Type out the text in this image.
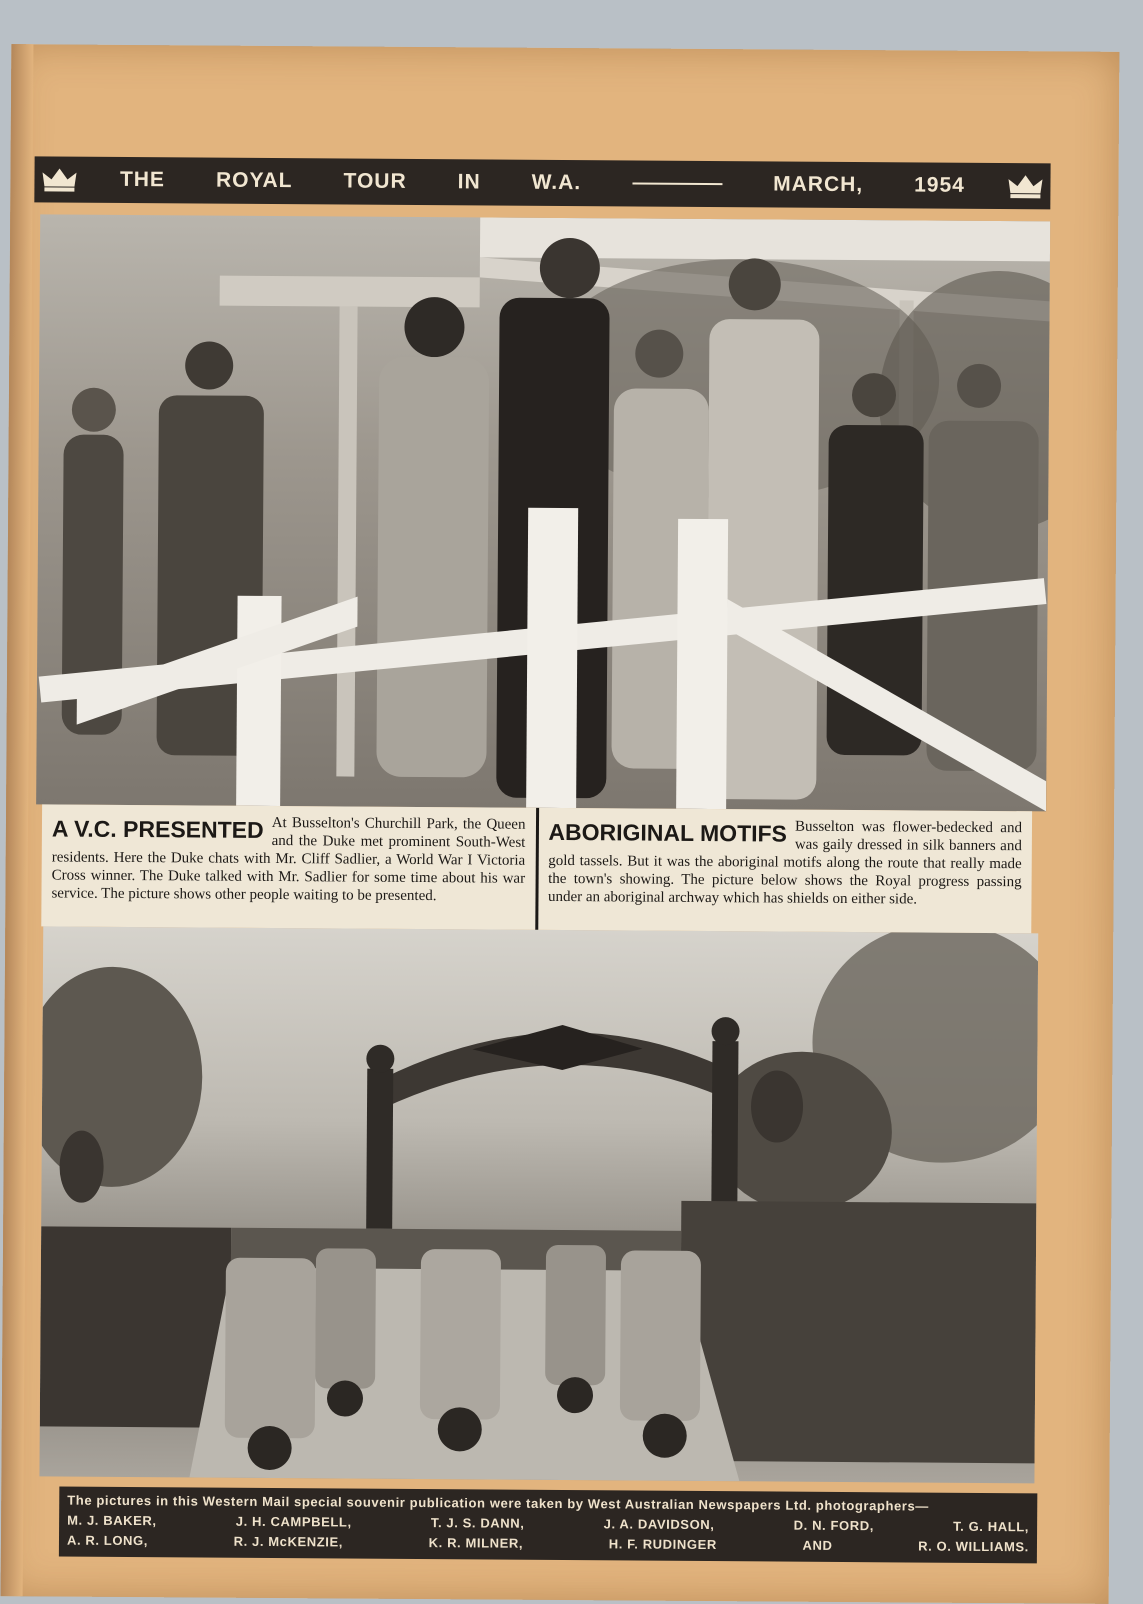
THE ROYAL TOUR IN W.A.	MARCH, 1954
A V.C. PRESENTED At Busselton's Churchill Park, the Queen and the Duke met prominent South-West residents. Here the Duke chats with Mr. Cliff Sadlier, a World War I Victoria Cross winner. The Duke talked with Mr. Sadlier for some time about his war service. The picture shows other people waiting to be presented.
ABORIGINAL MOTIFS Busselton was flower-bedecked and was gaily dressed in silk banners and gold tassels. But it was the aboriginal motifs along the route that really made the town's showing. The picture below shows the Royal progress passing under an aboriginal archway which has shields on either side.
The pictures in this Western Mail special souvenir publication were taken by West Australian Newspapers Ltd. photographers—
M. J. BAKER,	J. H. CAMPBELL,	T. J. S. DANN,	J. A. DAVIDSON,	D. N. FORD,	T. G. HALL,
A. R. LONG,	R. J. McKENZIE,	K. R. MILNER,	H. F. RUDINGER	AND	R. O. WILLIAMS.
